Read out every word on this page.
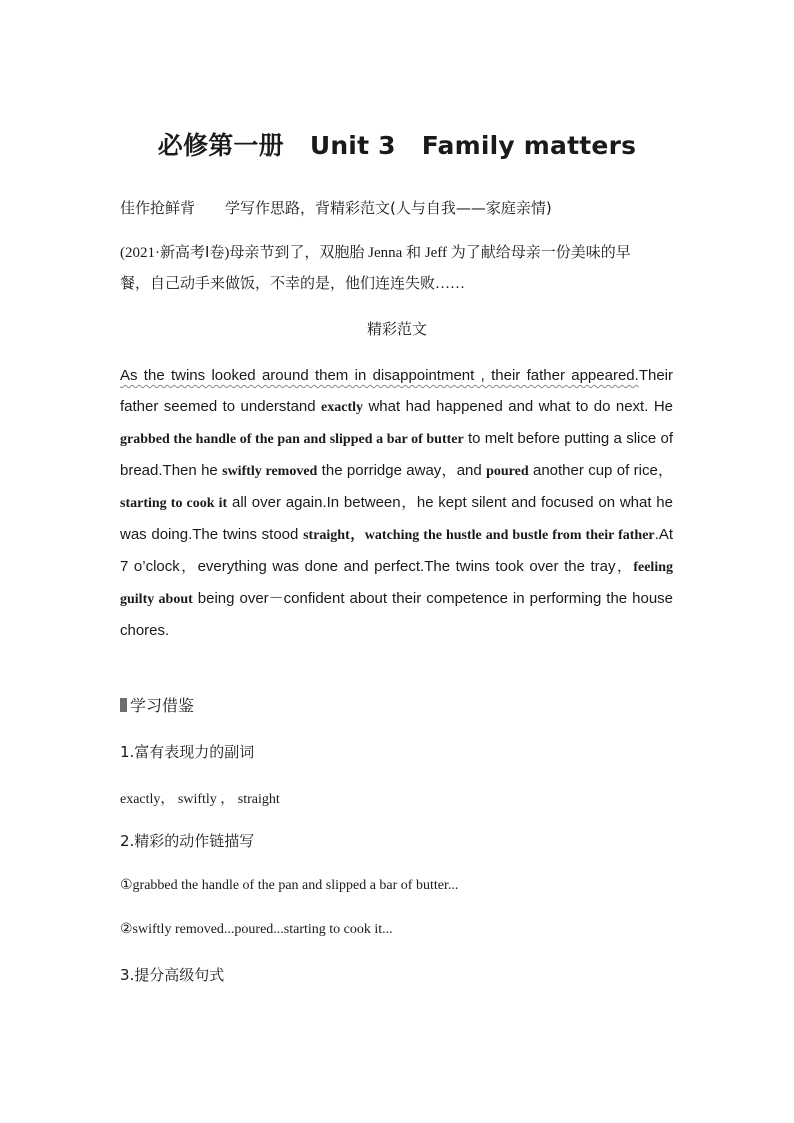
必修第一册 Unit 3 Family matters
佳作抢鲜背 学写作思路，背精彩范文(人与自我——家庭亲情)
(2021·新高考Ⅰ卷)母亲节到了，双胞胎 Jenna 和 Jeff 为了献给母亲一份美味的早
餐，自己动手来做饭，不幸的是，他们连连失败……
精彩范文
As the twins looked around them in disappointment , their father appeared.Their father seemed to understand exactly what had happened and what to do next. He grabbed the handle of the pan and slipped a bar of butter to melt before putting a slice of bread.Then he swiftly removed the porridge away，and poured another cup of rice，starting to cook it all over again.In between，he kept silent and focused on what he was doing.The twins stood straight，watching the hustle and bustle from their father.At 7 o’clock，everything was done and perfect.The twins took over the tray，feeling guilty about being over－confident about their competence in performing the house chores.
学习借鉴
1.富有表现力的副词
exactly， swiftly ， straight
2.精彩的动作链描写
①grabbed the handle of the pan and slipped a bar of butter...
②swiftly removed...poured...starting to cook it...
3.提分高级句式
